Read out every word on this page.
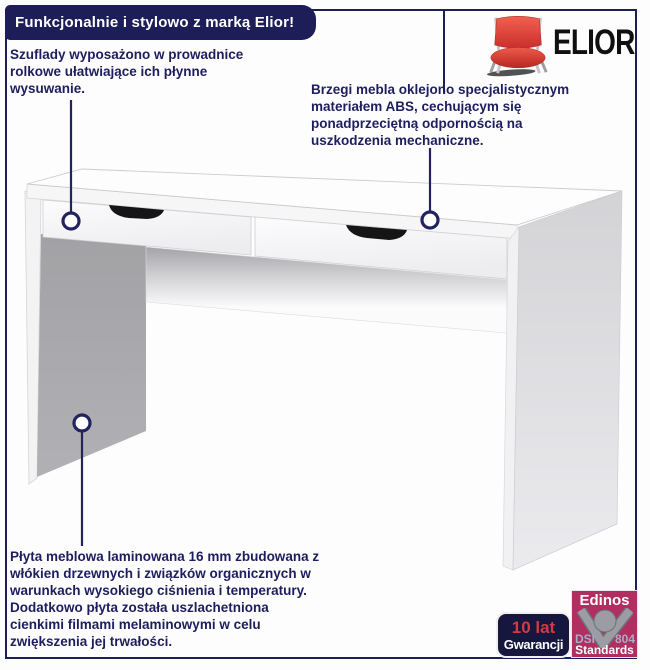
Funkcjonalnie i stylowo z marką Elior!
ELIOR
Szuflady wyposażono w prowadnice
rolkowe ułatwiające ich płynne
wysuwanie.	Brzegi mebla oklejono specjalistycznym
materiałem ABS, cechującym się
ponadprzeciętną odpornością na
uszkodzenia mechaniczne.
Płyta meblowa laminowana 16 mm zbudowana z
włókien drzewnych i związków organicznych w
warunkach wysokiego ciśnienia i temperatury.
Dodatkowo płyta została uszlachetniona
cienkimi filmami melaminowymi w celu
zwiększenia jej trwałości.
10 lat
Gwarancji
Edinos
DSI 804
Standards
